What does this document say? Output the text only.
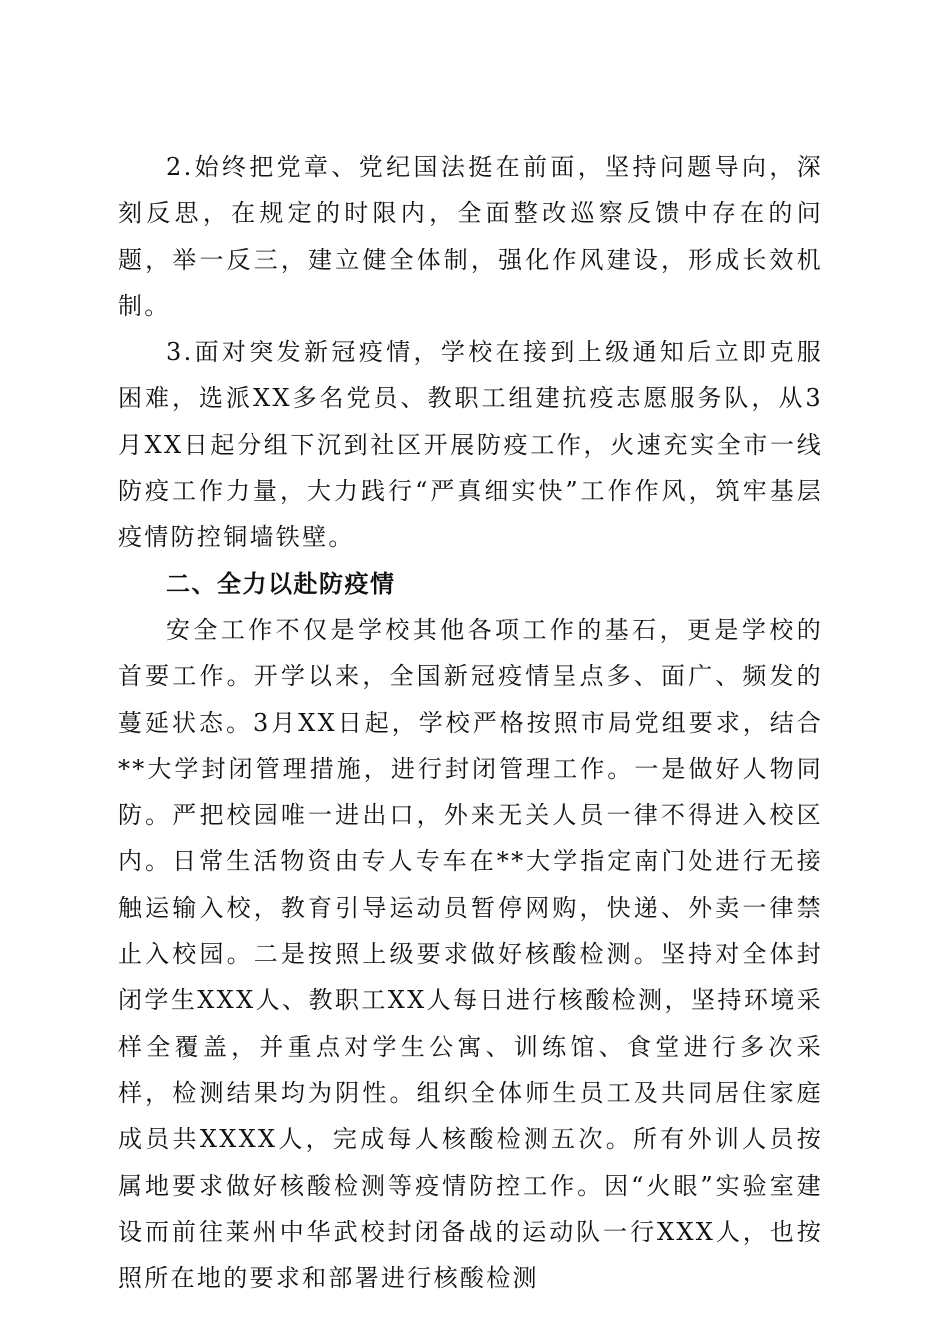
2.始终把党章、党纪国法挺在前面，坚持问题导向，深刻反思，在规定的时限内，全面整改巡察反馈中存在的问题，举一反三，建立健全体制，强化作风建设，形成长效机制。

3.面对突发新冠疫情，学校在接到上级通知后立即克服困难，选派XX多名党员、教职工组建抗疫志愿服务队，从3月XX日起分组下沉到社区开展防疫工作，火速充实全市一线防疫工作力量，大力践行“严真细实快”工作作风，筑牢基层疫情防控铜墙铁壁。

二、全力以赴防疫情

安全工作不仅是学校其他各项工作的基石，更是学校的首要工作。开学以来，全国新冠疫情呈点多、面广、频发的蔓延状态。3月XX日起，学校严格按照市局党组要求，结合**大学封闭管理措施，进行封闭管理工作。一是做好人物同防。严把校园唯一进出口，外来无关人员一律不得进入校区内。日常生活物资由专人专车在**大学指定南门处进行无接触运输入校，教育引导运动员暂停网购，快递、外卖一律禁止入校园。二是按照上级要求做好核酸检测。坚持对全体封闭学生XXX人、教职工XX人每日进行核酸检测，坚持环境采样全覆盖，并重点对学生公寓、训练馆、食堂进行多次采样，检测结果均为阴性。组织全体师生员工及共同居住家庭成员共XXXX人，完成每人核酸检测五次。所有外训人员按属地要求做好核酸检测等疫情防控工作。因“火眼”实验室建设而前往莱州中华武校封闭备战的运动队一行XXX人，也按照所在地的要求和部署进行核酸检测
